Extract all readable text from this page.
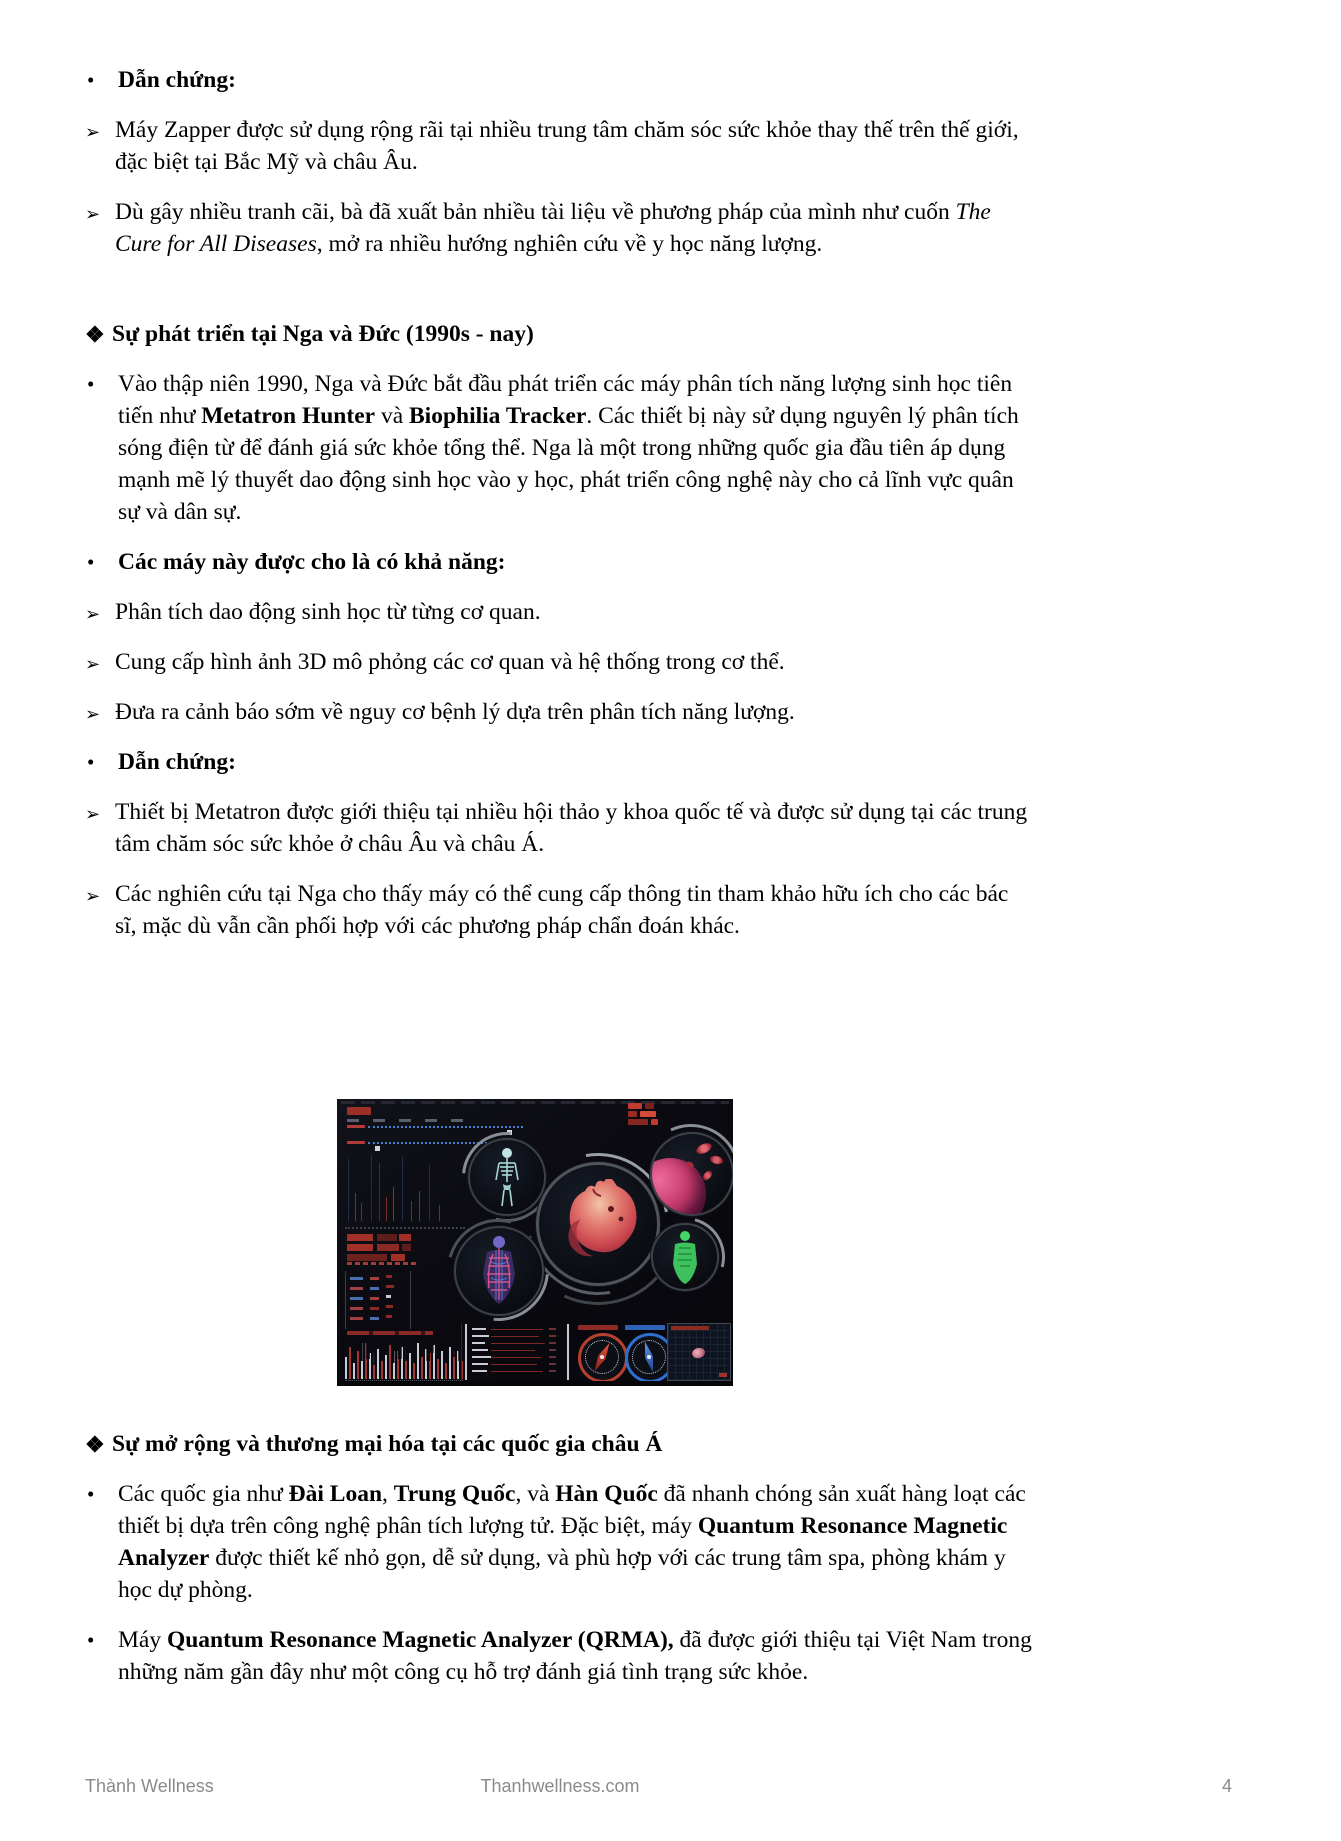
• Dẫn chứng:
➢ Máy Zapper được sử dụng rộng rãi tại nhiều trung tâm chăm sóc sức khỏe thay thế trên thế giới, đặc biệt tại Bắc Mỹ và châu Âu.
➢ Dù gây nhiều tranh cãi, bà đã xuất bản nhiều tài liệu về phương pháp của mình như cuốn The Cure for All Diseases, mở ra nhiều hướng nghiên cứu về y học năng lượng.
❖ Sự phát triển tại Nga và Đức (1990s - nay)
• Vào thập niên 1990, Nga và Đức bắt đầu phát triển các máy phân tích năng lượng sinh học tiên tiến như Metatron Hunter và Biophilia Tracker. Các thiết bị này sử dụng nguyên lý phân tích sóng điện từ để đánh giá sức khỏe tổng thể. Nga là một trong những quốc gia đầu tiên áp dụng mạnh mẽ lý thuyết dao động sinh học vào y học, phát triển công nghệ này cho cả lĩnh vực quân sự và dân sự.
• Các máy này được cho là có khả năng:
➢ Phân tích dao động sinh học từ từng cơ quan.
➢ Cung cấp hình ảnh 3D mô phỏng các cơ quan và hệ thống trong cơ thể.
➢ Đưa ra cảnh báo sớm về nguy cơ bệnh lý dựa trên phân tích năng lượng.
• Dẫn chứng:
➢ Thiết bị Metatron được giới thiệu tại nhiều hội thảo y khoa quốc tế và được sử dụng tại các trung tâm chăm sóc sức khỏe ở châu Âu và châu Á.
➢ Các nghiên cứu tại Nga cho thấy máy có thể cung cấp thông tin tham khảo hữu ích cho các bác sĩ, mặc dù vẫn cần phối hợp với các phương pháp chẩn đoán khác.
❖ Sự mở rộng và thương mại hóa tại các quốc gia châu Á
• Các quốc gia như Đài Loan, Trung Quốc, và Hàn Quốc đã nhanh chóng sản xuất hàng loạt các thiết bị dựa trên công nghệ phân tích lượng tử. Đặc biệt, máy Quantum Resonance Magnetic Analyzer được thiết kế nhỏ gọn, dễ sử dụng, và phù hợp với các trung tâm spa, phòng khám y học dự phòng.
• Máy Quantum Resonance Magnetic Analyzer (QRMA), đã được giới thiệu tại Việt Nam trong những năm gần đây như một công cụ hỗ trợ đánh giá tình trạng sức khỏe.
Thành Wellness	Thanhwellness.com	4
